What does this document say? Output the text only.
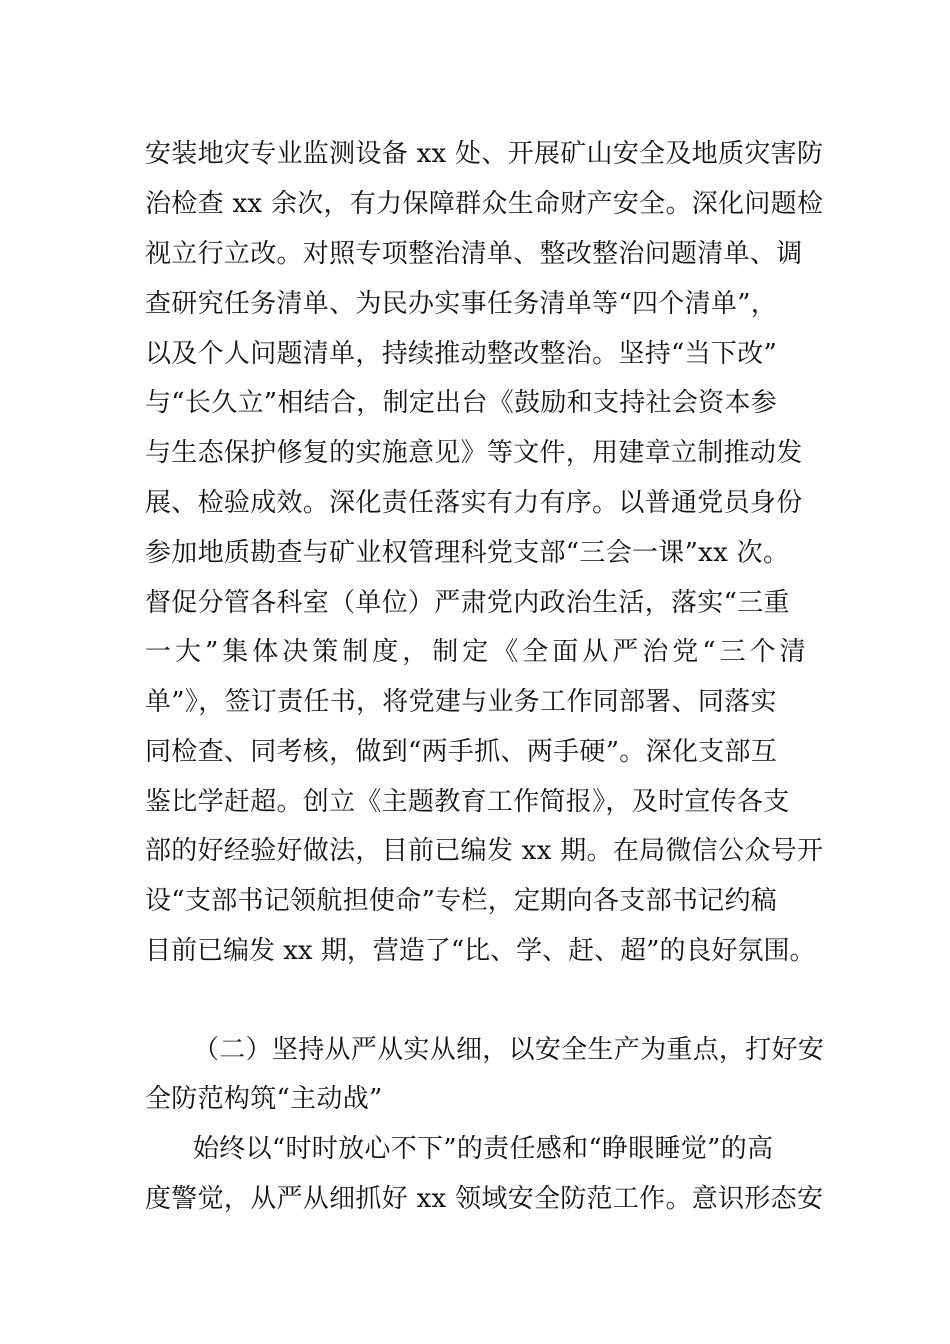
安装地灾专业监测设备 xx 处、开展矿山安全及地质灾害防
治检查 xx 余次，有力保障群众生命财产安全。深化问题检
视立行立改。对照专项整治清单、整改整治问题清单、调
查研究任务清单、为民办实事任务清单等“四个清单”，
以及个人问题清单，持续推动整改整治。坚持“当下改”
与“长久立”相结合，制定出台《鼓励和支持社会资本参
与生态保护修复的实施意见》等文件，用建章立制推动发
展、检验成效。深化责任落实有力有序。以普通党员身份
参加地质勘查与矿业权管理科党支部“三会一课”xx 次。
督促分管各科室（单位）严肃党内政治生活，落实“三重
一大”集体决策制度，制定《全面从严治党“三个清
单”》，签订责任书，将党建与业务工作同部署、同落实
同检查、同考核，做到“两手抓、两手硬”。深化支部互
鉴比学赶超。创立《主题教育工作简报》，及时宣传各支
部的好经验好做法，目前已编发 xx 期。在局微信公众号开
设“支部书记领航担使命”专栏，定期向各支部书记约稿
目前已编发 xx 期，营造了“比、学、赶、超”的良好氛围。
（二）坚持从严从实从细，以安全生产为重点，打好安
全防范构筑“主动战”
始终以“时时放心不下”的责任感和“睁眼睡觉”的高
度警觉，从严从细抓好 xx 领域安全防范工作。意识形态安
